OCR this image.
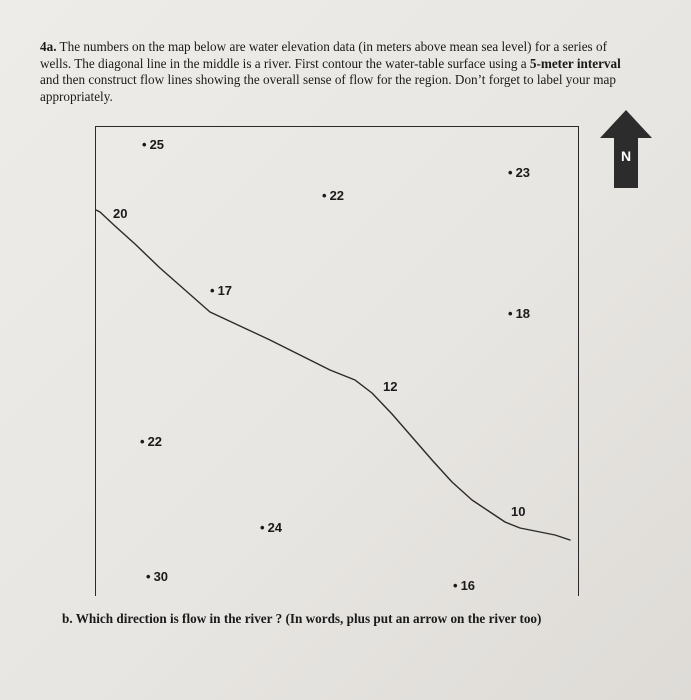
4a. The numbers on the map below are water elevation data (in meters above mean sea level) for a series of wells. The diagonal line in the middle is a river. First contour the water-table surface using a 5-meter interval and then construct flow lines showing the overall sense of flow for the region. Don’t forget to label your map appropriately.
20
12
10
• 25
• 23
• 22
• 17
• 18
• 22
• 24
• 30
• 16
N
b. Which direction is flow in the river ? (In words, plus put an arrow on the river too)
